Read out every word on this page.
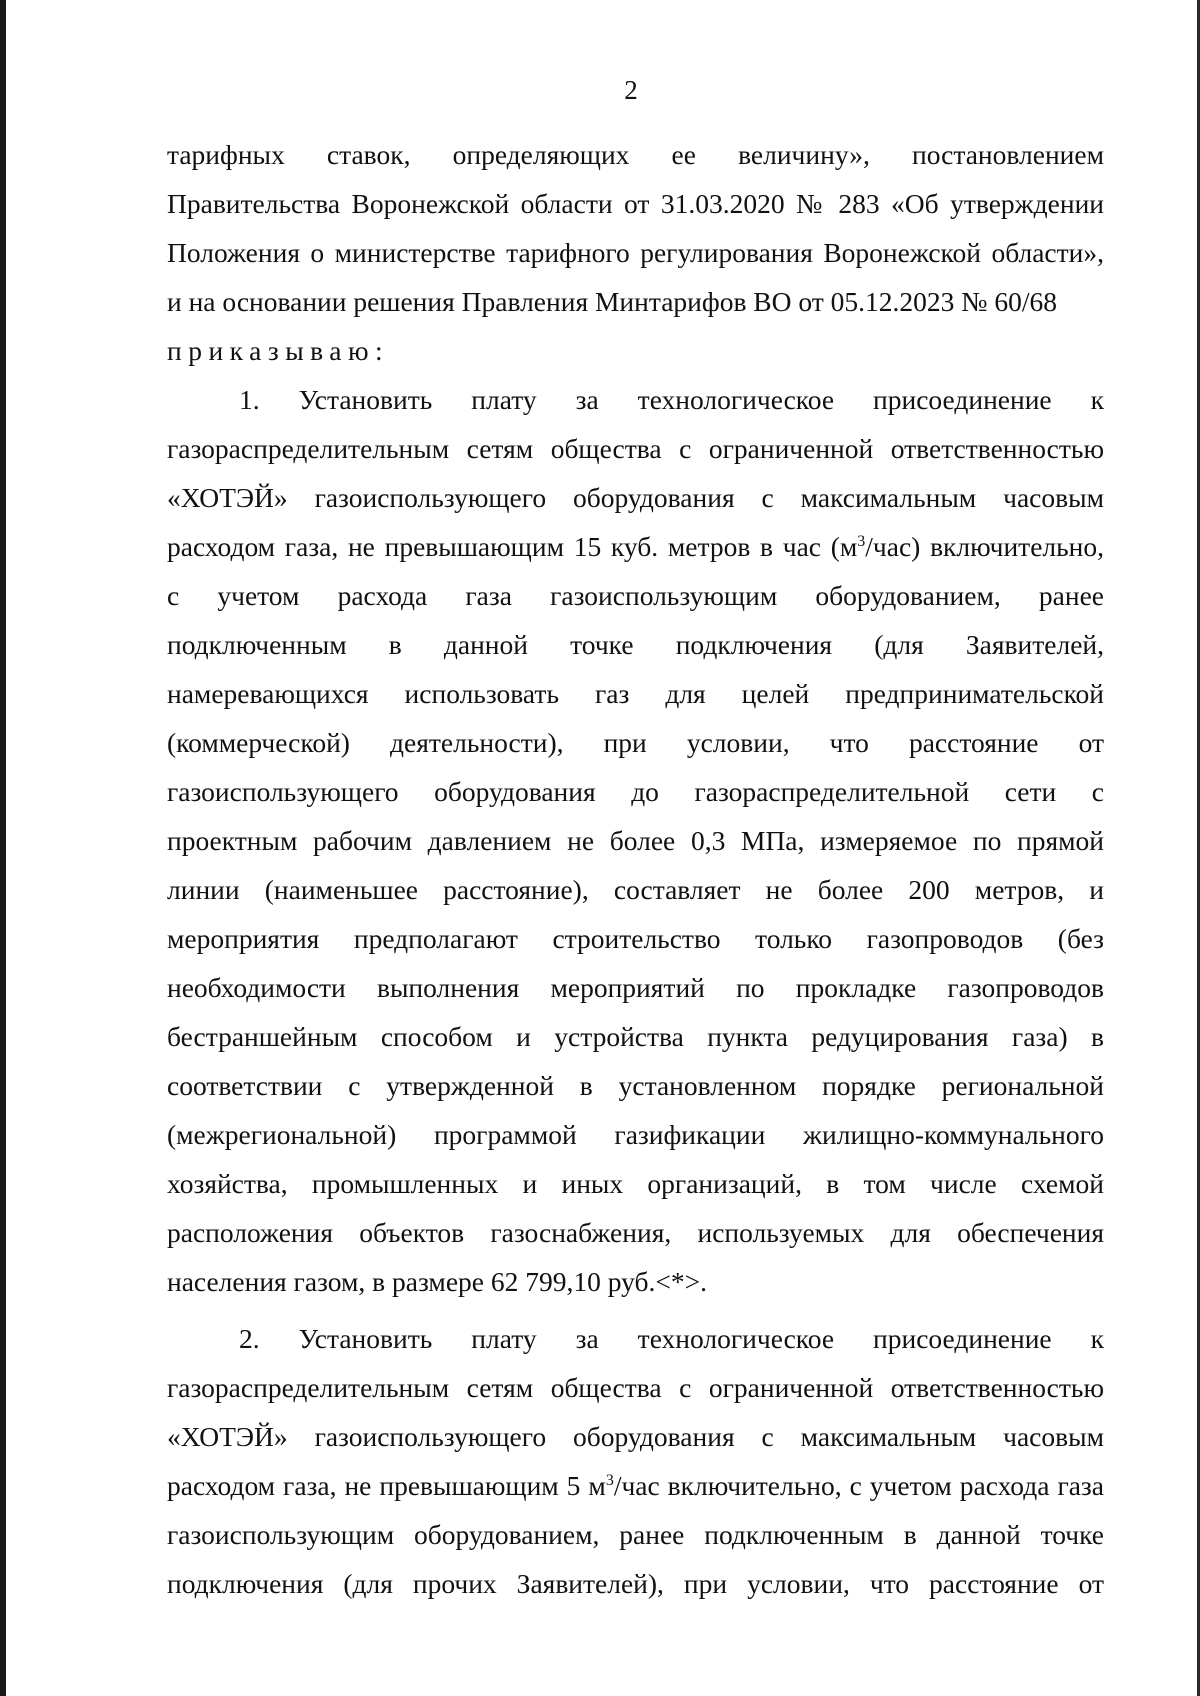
2
тарифных ставок, определяющих ее величину», постановлением
Правительства Воронежской области от 31.03.2020 № 283 «Об утверждении
Положения о министерстве тарифного регулирования Воронежской области»,
и на основании решения Правления Минтарифов ВО от 05.12.2023 № 60/68
приказываю:
1. Установить плату за технологическое присоединение к
газораспределительным сетям общества с ограниченной ответственностью
«ХОТЭЙ» газоиспользующего оборудования с максимальным часовым
расходом газа, не превышающим 15 куб. метров в час $(м^3/час)$ включительно,
с учетом расхода газа газоиспользующим оборудованием, ранее
подключенным в данной точке подключения (для Заявителей,
намеревающихся использовать газ для целей предпринимательской
(коммерческой) деятельности), при условии, что расстояние от
газоиспользующего оборудования до газораспределительной сети с
проектным рабочим давлением не более 0,3 МПа, измеряемое по прямой
линии (наименьшее расстояние), составляет не более 200 метров, и
мероприятия предполагают строительство только газопроводов (без
необходимости выполнения мероприятий по прокладке газопроводов
бестраншейным способом и устройства пункта редуцирования газа) в
соответствии с утвержденной в установленном порядке региональной
(межрегиональной) программой газификации жилищно-коммунального
хозяйства, промышленных и иных организаций, в том числе схемой
расположения объектов газоснабжения, используемых для обеспечения
населения газом, в размере 62 799,10 руб.<*>.
2. Установить плату за технологическое присоединение к
газораспределительным сетям общества с ограниченной ответственностью
«ХОТЭЙ» газоиспользующего оборудования с максимальным часовым
расходом газа, не превышающим 5 $м^3$/час включительно, с учетом расхода газа
газоиспользующим оборудованием, ранее подключенным в данной точке
подключения (для прочих Заявителей), при условии, что расстояние от
